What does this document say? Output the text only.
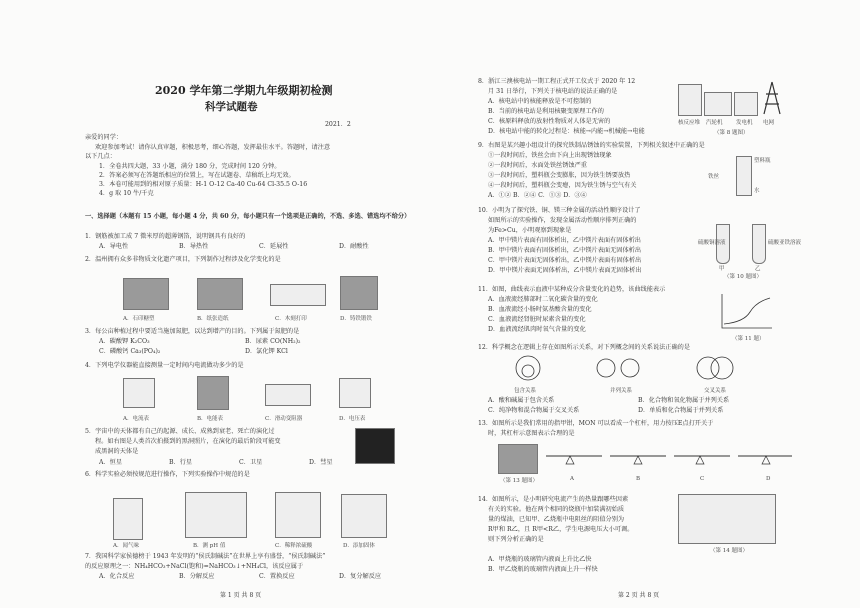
2020 学年第二学期九年级期初检测
科学试题卷
2021．2
亲爱的同学：
欢迎参加考试！请你认真审题，积极思考，细心答题，发挥最佳水平。答题时，请注意
以下几点：
1．全卷共四大题，33 小题，满分 180 分，完成时间 120 分钟。
2．答案必须写在答题纸相应的位置上，写在试题卷、草稿纸上均无效。
3．本卷可能用到的相对原子质量：H-1 O-12 Ca-40 Cu-64 Cl-35.5 O-16
4．g 取 10 牛/千克
一、选择题（本题有 15 小题，每小题 4 分，共 60 分，每小题只有一个选项是正确的，不选、多选、错选均不给分）
1．钢筋被加工成 7 微米厚的超薄钢箔，说明钢具有良好的
A．导电性	B．导热性	C．延展性	D．耐酸性
2．温州拥有众多非物质文化遗产项目，下列制作过程涉及化学变化的是
A．石印糖塑	B．纸张造纸	C．木刻打印	D．铸铁锻铁
3．每公亩种植过程中要适当施加氮肥，以达到增产的目的。下列属于氮肥的是
A．碳酸钾 K₂CO₃	B．尿素 CO(NH₂)₂
C．磷酸钙 Ca₃(PO₄)₂	D．氯化钾 KCl
4．下列电学仪器能直接测量一定时间内电流做功多少的是
A．电流表	B．电能表	C．滑动变阻器	D．电压表
5．宇宙中的天体都有自己的起源、成长、成熟到衰老、死亡的演化过
程。如右图是人类首次拍摄到的黑洞照片，在演化的最后阶段可能变
成黑洞的天体是
A．恒星	B．行星	C．卫星	D．彗星
6．科学实验必须按规范进行操作，下列实验操作中规范的是
A．闻气味	B．测 pH 值	C．稀释浓硫酸	D．添加固体
7．我国科学家侯德榜于 1943 年发明的“侯氏制碱法”在世界上享有盛誉，“侯氏制碱法”
的反应原理之一：NH₄HCO₃+NaCl(饱和)=NaHCO₃↓+NH₄Cl，该反应属于
A．化合反应	B．分解反应	C．置换反应	D．复分解反应
第 1 页 共 8 页
8．浙江三澳核电站一期工程正式开工仪式于 2020 年 12
月 31 日举行，下列关于核电站的说法正确的是
A．核电站中的核能释放是不可控制的
B．当前的核电站是利用核聚变原理工作的
C．核原料释放的放射性物质对人体是无害的
D．核电站中能的转化过程是：核能→内能→机械能→电能
核反应堆 汽轮机 发电机 电网
（第 8 题图）
9．右图是某兴趣小组设计的探究铁制品锈蚀的实验装置，下列相关叙述中正确的是
①一段时间后，铁丝会由下向上出现锈蚀现象
②一段时间后，水面处铁丝锈蚀严重
③一段时间后，塑料瓶会变膨胀，因为铁生锈要放热
④一段时间后，塑料瓶会变瘪，因为铁生锈与空气有关
A．①② B．②④ C．①③ D．③④
塑料瓶
铁丝
水
10．小明为了探究铁、铜、镁三种金属的活动性顺序设计了
如图所示的实验操作，发现金属活动性顺序排列正确的
为Fe>Cu，小明观察到现象是
A．甲中镁片表面有固体析出，乙中镁片表面有固体析出
B．甲中镁片表面有固体析出，乙中镁片表面无固体析出
C．甲中镁片表面无固体析出，乙中镁片表面有固体析出
D．甲中镁片表面无固体析出，乙中镁片表面无固体析出
硫酸铜溶液	硫酸亚铁溶液
甲	乙
（第 10 题图）
11．如图，曲线表示血液中某种成分含量变化的趋势，该曲线能表示
A．血液流经肺部时二氧化碳含量的变化
B．血液流经小肠时氨基酸含量的变化
C．血液流经肾脏时尿素含量的变化
D．血液流经肌肉时氧气含量的变化
（第 11 题）
12．科学概念在逻辑上存在如图所示关系，对下列概念间的关系说法正确的是
包含关系	并列关系	交叉关系
A．酸和碱属于包含关系	B．化合物和氧化物属于并列关系
C．纯净物和混合物属于交叉关系	D．单质和化合物属于并列关系
13．如图所示是我们常用的指甲钳，MON 可以看成一个杠杆，用力按压E点打开关于
时，其杠杆示意图表示合理的是
（第 13 题图）	A	B	C	D
14．如图所示，是小明研究电流产生的热量跟哪些因素
有关的实验。他在两个相同的烧瓶中加装满初始质
量的煤油，已知甲、乙烧瓶中电阻丝的阻值分别为
R甲和 R乙，且 R甲<R乙，学生电源电压大小可调。
则下列分析正确的是
（第 14 题图）
A．甲烧瓶的玻璃管内液面上升比乙快
B．甲乙烧瓶的玻璃管内液面上升一样快
第 2 页 共 8 页
